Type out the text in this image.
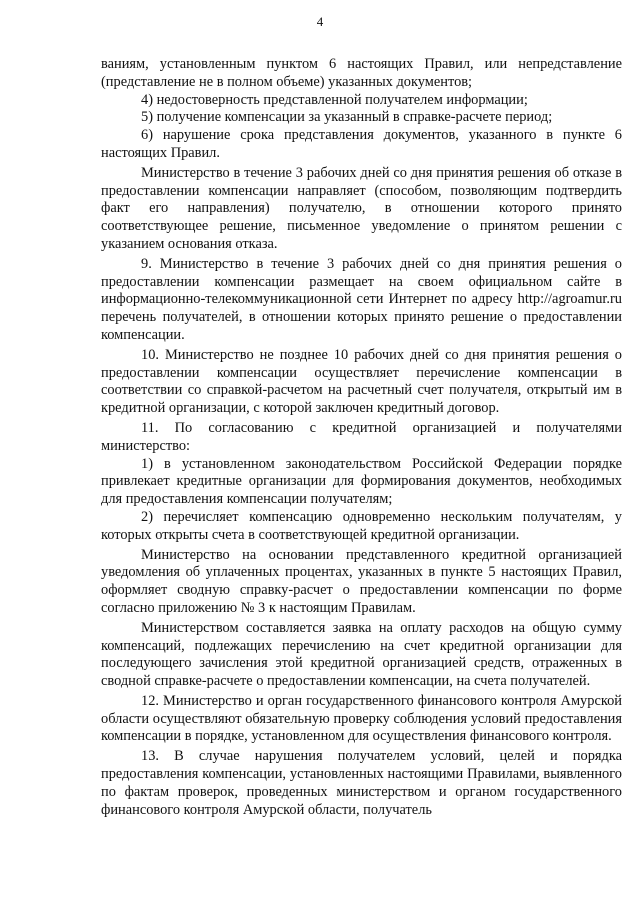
4

ваниям, установленным пунктом 6 настоящих Правил, или непредставление (представление не в полном объеме) указанных документов;

4) недостоверность представленной получателем информации;

5) получение компенсации за указанный в справке-расчете период;

6) нарушение срока представления документов, указанного в пункте 6 настоящих Правил.

Министерство в течение 3 рабочих дней со дня принятия решения об отказе в предоставлении компенсации направляет (способом, позволяющим подтвердить факт его направления) получателю, в отношении которого принято соответствующее решение, письменное уведомление о принятом решении с указанием основания отказа.

9. Министерство в течение 3 рабочих дней со дня принятия решения о предоставлении компенсации размещает на своем официальном сайте в информационно-телекоммуникационной сети Интернет по адресу http://agroamur.ru перечень получателей, в отношении которых принято решение о предоставлении компенсации.

10. Министерство не позднее 10 рабочих дней со дня принятия решения о предоставлении компенсации осуществляет перечисление компенсации в соответствии со справкой-расчетом на расчетный счет получателя, открытый им в кредитной организации, с которой заключен кредитный договор.

11. По согласованию с кредитной организацией и получателями министерство:

1) в установленном законодательством Российской Федерации порядке привлекает кредитные организации для формирования документов, необходимых для предоставления компенсации получателям;

2) перечисляет компенсацию одновременно нескольким получателям, у которых открыты счета в соответствующей кредитной организации.

Министерство на основании представленного кредитной организацией уведомления об уплаченных процентах, указанных в пункте 5 настоящих Правил, оформляет сводную справку-расчет о предоставлении компенсации по форме согласно приложению № 3 к настоящим Правилам.

Министерством составляется заявка на оплату расходов на общую сумму компенсаций, подлежащих перечислению на счет кредитной организации для последующего зачисления этой кредитной организацией средств, отраженных в сводной справке-расчете о предоставлении компенсации, на счета получателей.

12. Министерство и орган государственного финансового контроля Амурской области осуществляют обязательную проверку соблюдения условий предоставления компенсации в порядке, установленном для осуществления финансового контроля.

13. В случае нарушения получателем условий, целей и порядка предоставления компенсации, установленных настоящими Правилами, выявленного по фактам проверок, проведенных министерством и органом государственного финансового контроля Амурской области, получатель
